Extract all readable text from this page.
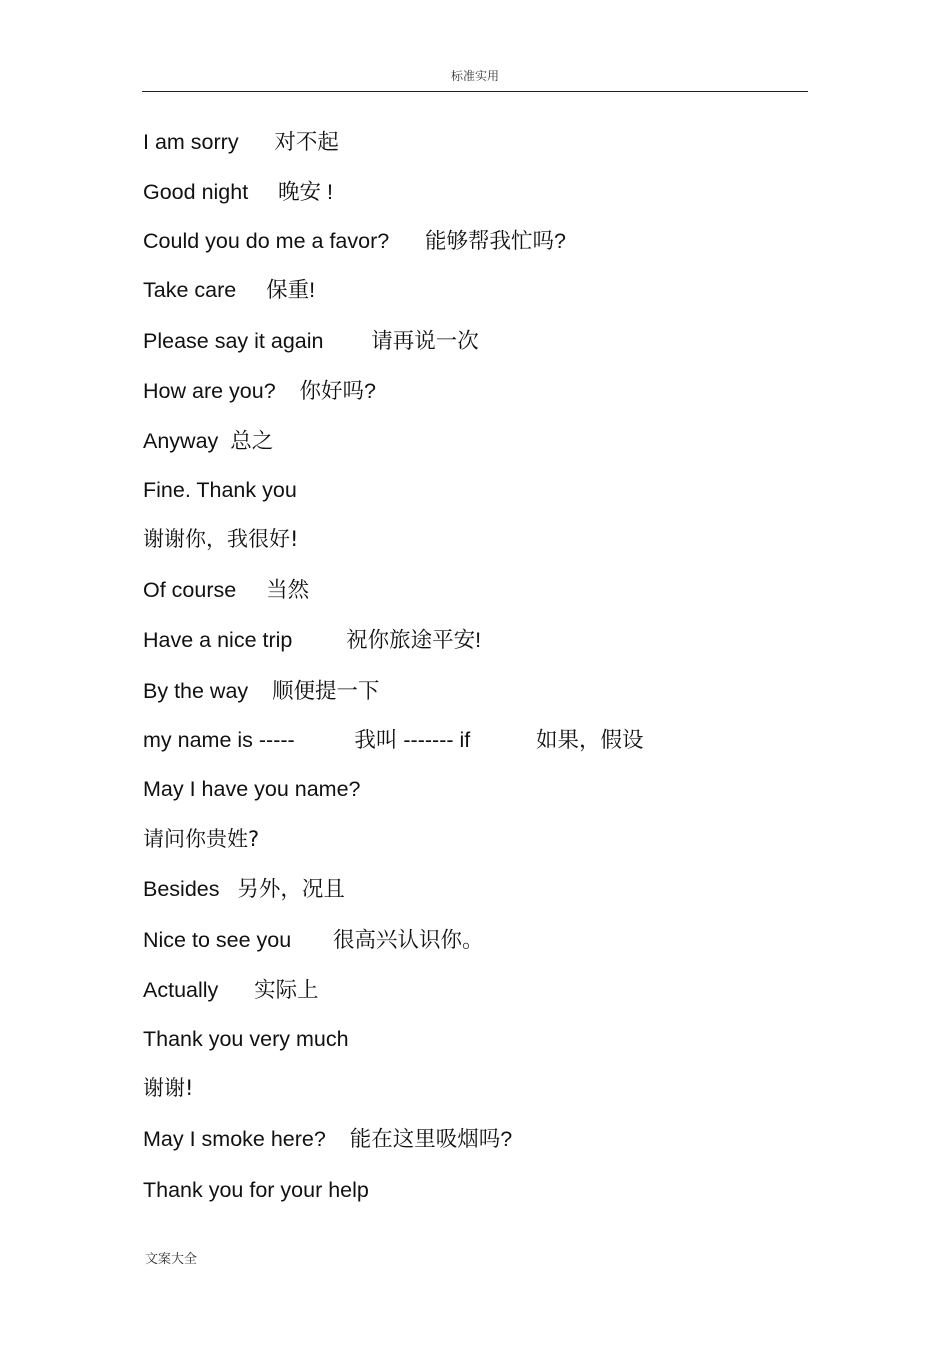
标准实用
I am sorry      对不起
Good night     晚安 !
Could you do me a favor?      能够帮我忙吗?
Take care     保重!
Please say it again        请再说一次
How are you?    你好吗?
Anyway  总之
Fine. Thank you
谢谢你，我很好!
Of course     当然
Have a nice trip         祝你旅途平安!
By the way    顺便提一下
my name is -----          我叫 ------- if           如果，假设
May I have you name?
请问你贵姓?
Besides   另外，况且
Nice to see you       很高兴认识你。
Actually      实际上
Thank you very much
谢谢!
May I smoke here?    能在这里吸烟吗?
Thank you for your help
文案大全
